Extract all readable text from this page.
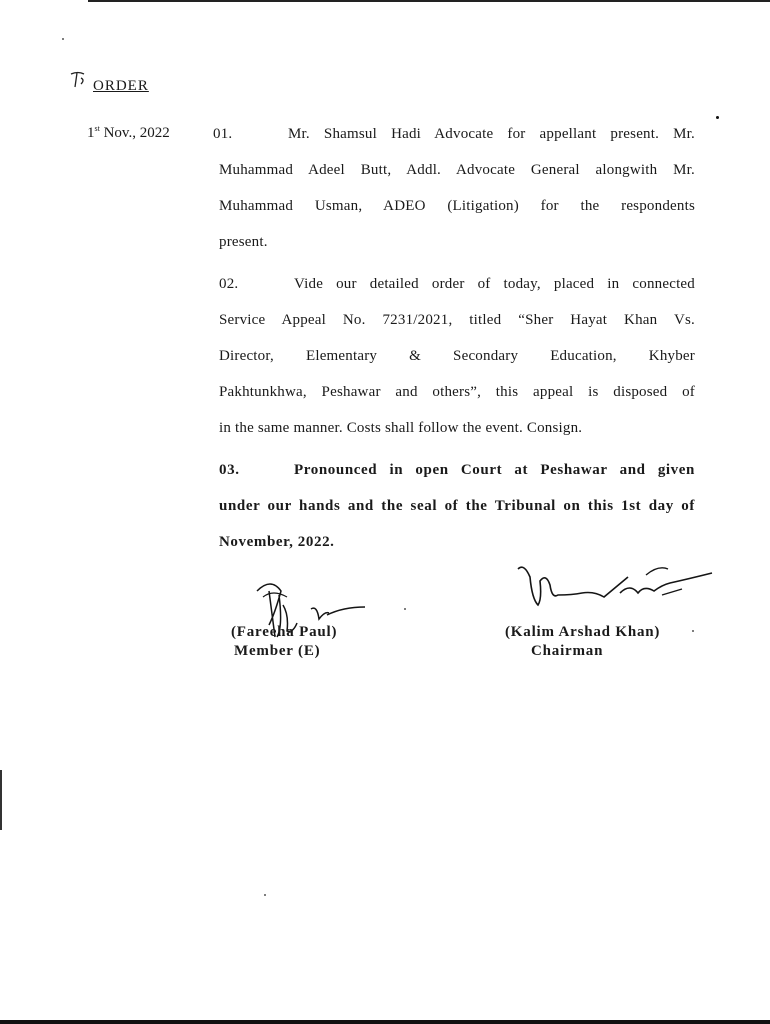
ORDER
1st Nov., 2022	01.	Mr. Shamsul Hadi Advocate for appellant present. Mr.
Muhammad Adeel Butt, Addl. Advocate General alongwith Mr.
Muhammad Usman, ADEO (Litigation) for the respondents
present.
02.	Vide our detailed order of today, placed in connected
Service Appeal No. 7231/2021, titled “Sher Hayat Khan Vs.
Director, Elementary & Secondary Education, Khyber
Pakhtunkhwa, Peshawar and others”, this appeal is disposed of
in the same manner. Costs shall follow the event. Consign.
03.	Pronounced in open Court at Peshawar and given
under our hands and the seal of the Tribunal on this 1st day of
November, 2022.
(Fareeha Paul)
Member (E)
(Kalim Arshad Khan)
Chairman
